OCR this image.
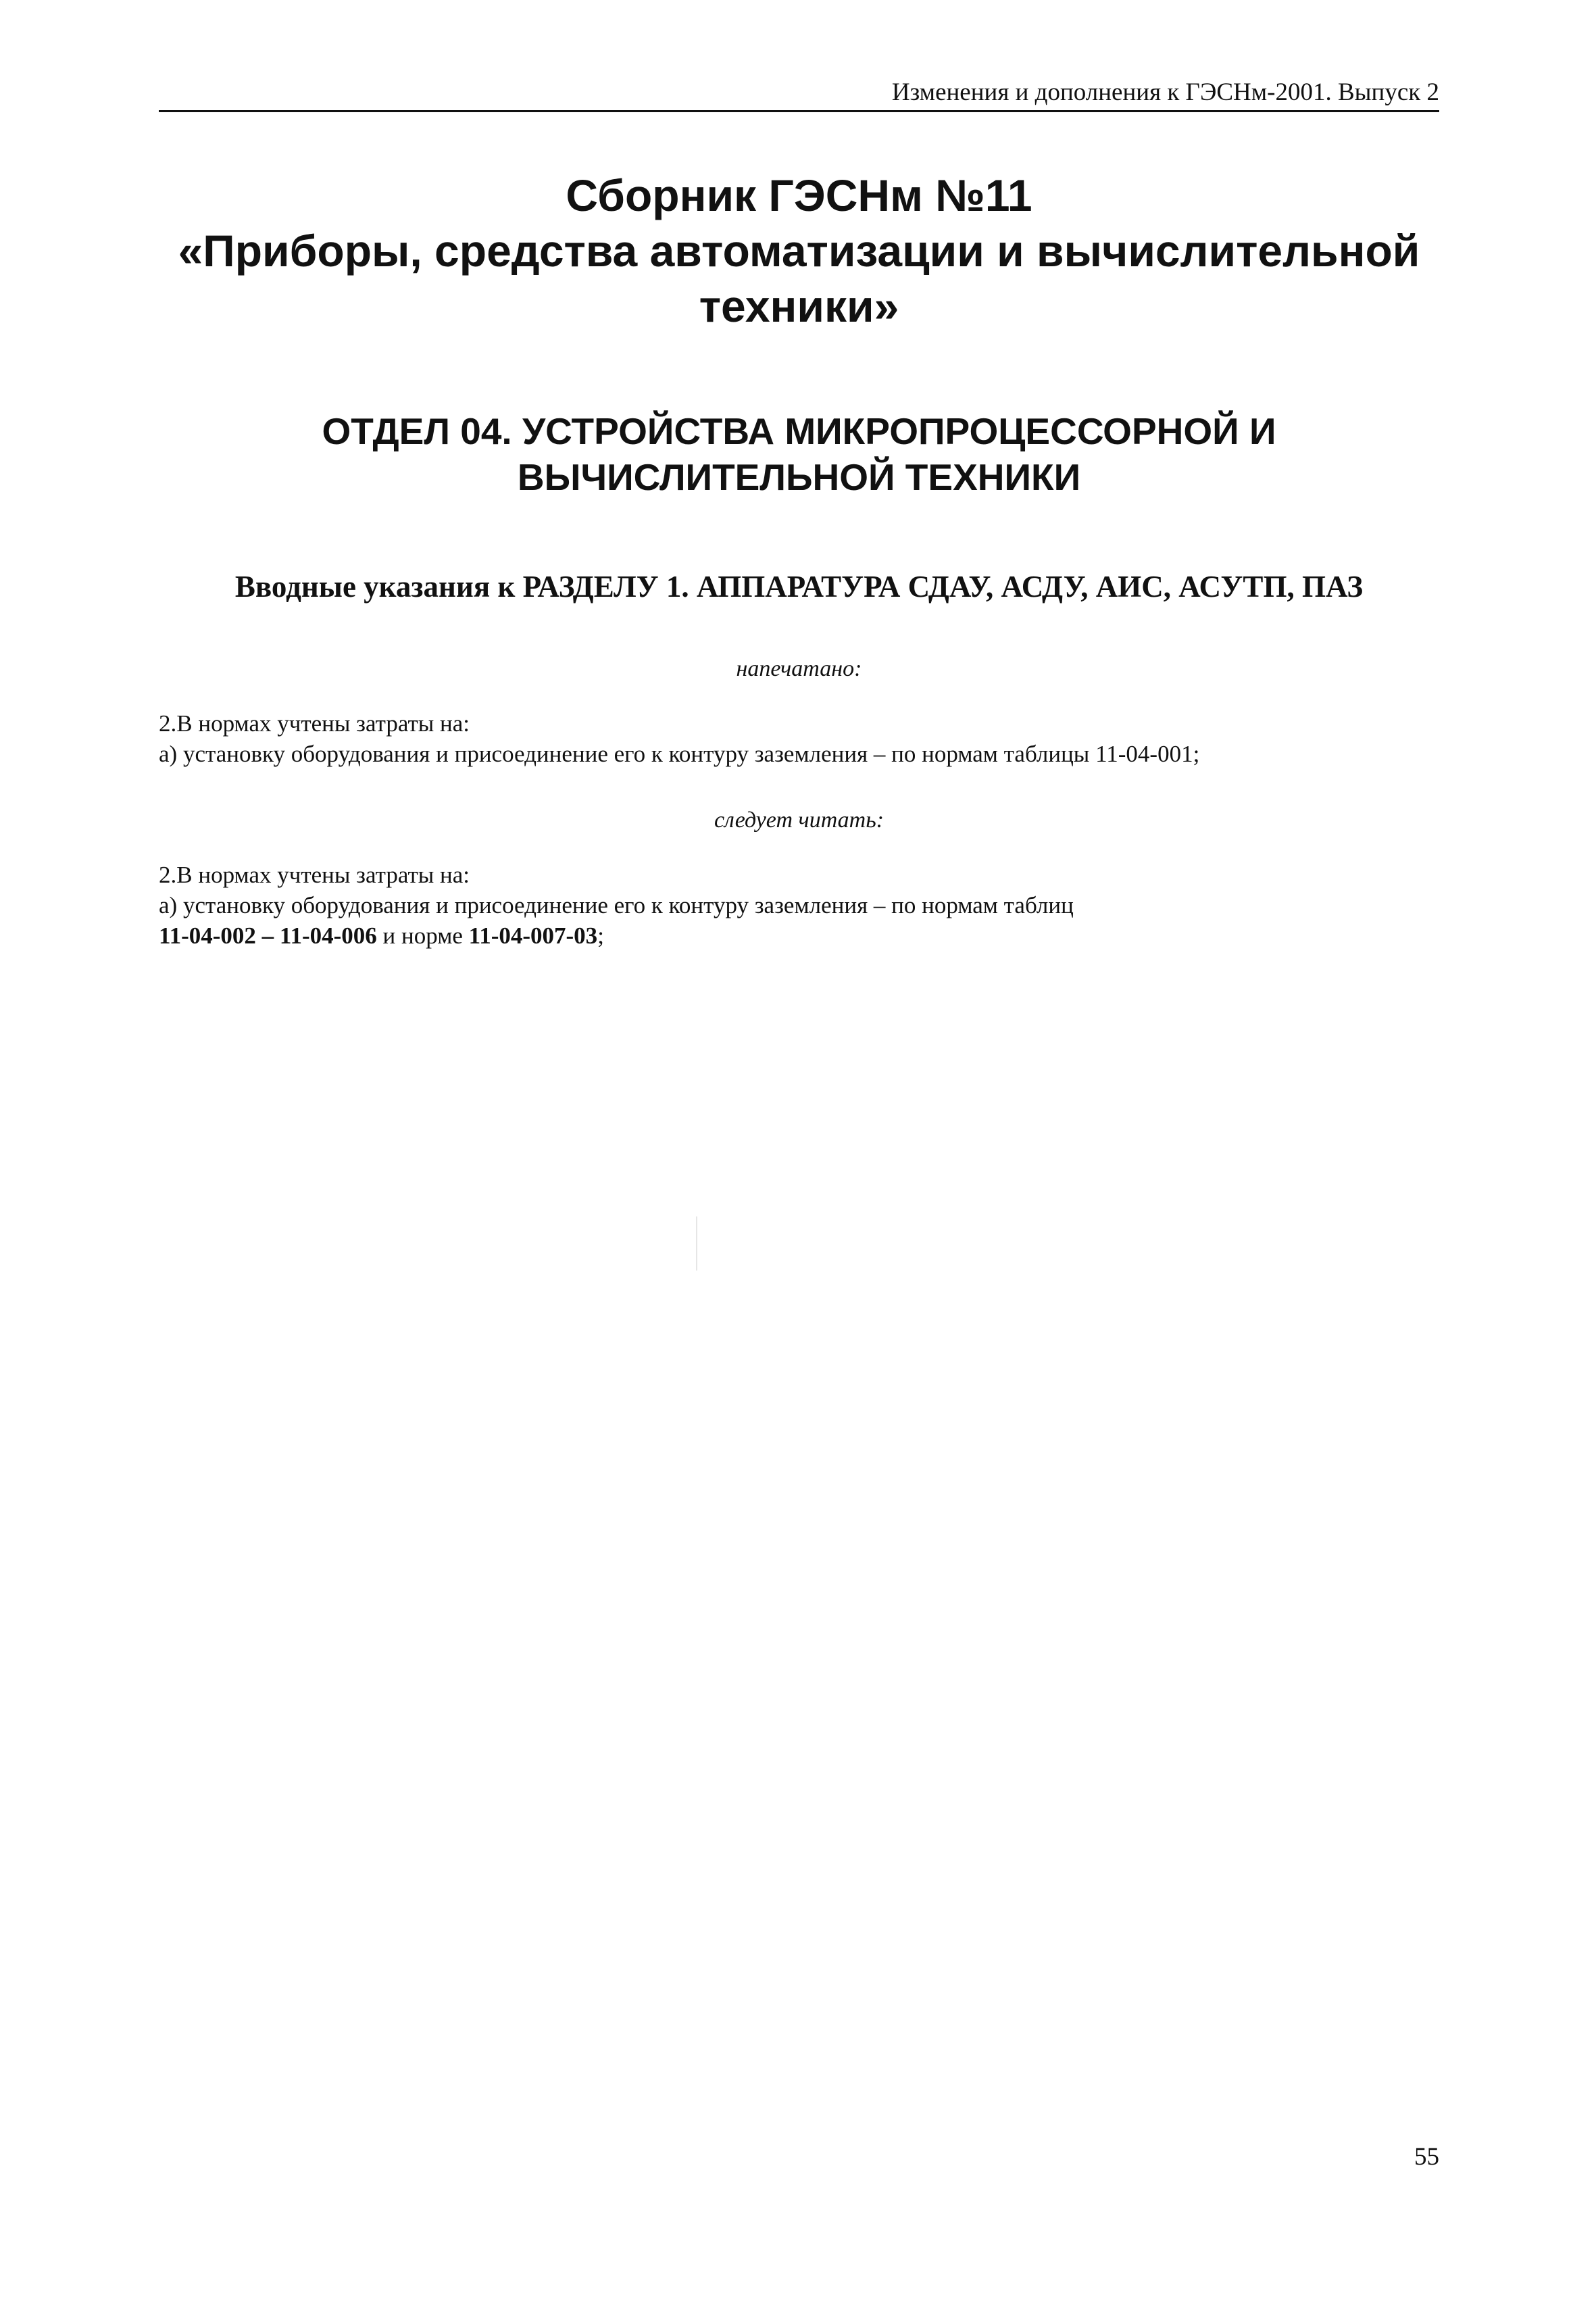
Изменения и дополнения к ГЭСНм-2001. Выпуск 2
Сборник ГЭСНм №11
«Приборы, средства автоматизации и вычислительной
техники»
ОТДЕЛ 04. УСТРОЙСТВА МИКРОПРОЦЕССОРНОЙ И
ВЫЧИСЛИТЕЛЬНОЙ ТЕХНИКИ
Вводные указания к РАЗДЕЛУ 1. АППАРАТУРА СДАУ, АСДУ, АИС, АСУТП, ПАЗ
напечатано:
2.В нормах учтены затраты на:
а) установку оборудования и присоединение его к контуру заземления – по нормам таблицы 11-04-001;
следует читать:
2.В нормах учтены затраты на:
а) установку оборудования и присоединение его к контуру заземления – по нормам таблиц
11-04-002 – 11-04-006 и норме 11-04-007-03;
55
